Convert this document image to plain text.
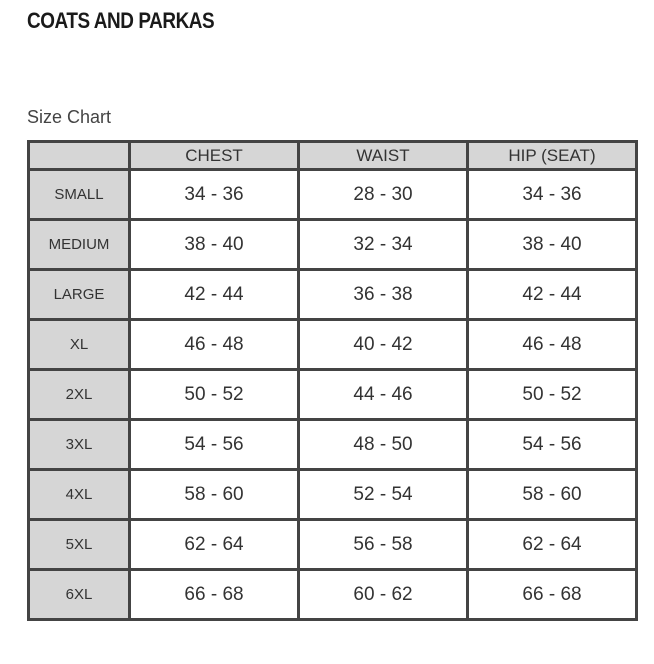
COATS AND PARKAS
Size Chart
	CHEST	WAIST	HIP (SEAT)
SMALL	34 - 36	28 - 30	34 - 36
MEDIUM	38 - 40	32 - 34	38 - 40
LARGE	42 - 44	36 - 38	42 - 44
XL	46 - 48	40 - 42	46 - 48
2XL	50 - 52	44 - 46	50 - 52
3XL	54 - 56	48 - 50	54 - 56
4XL	58 - 60	52 - 54	58 - 60
5XL	62 - 64	56 - 58	62 - 64
6XL	66 - 68	60 - 62	66 - 68
